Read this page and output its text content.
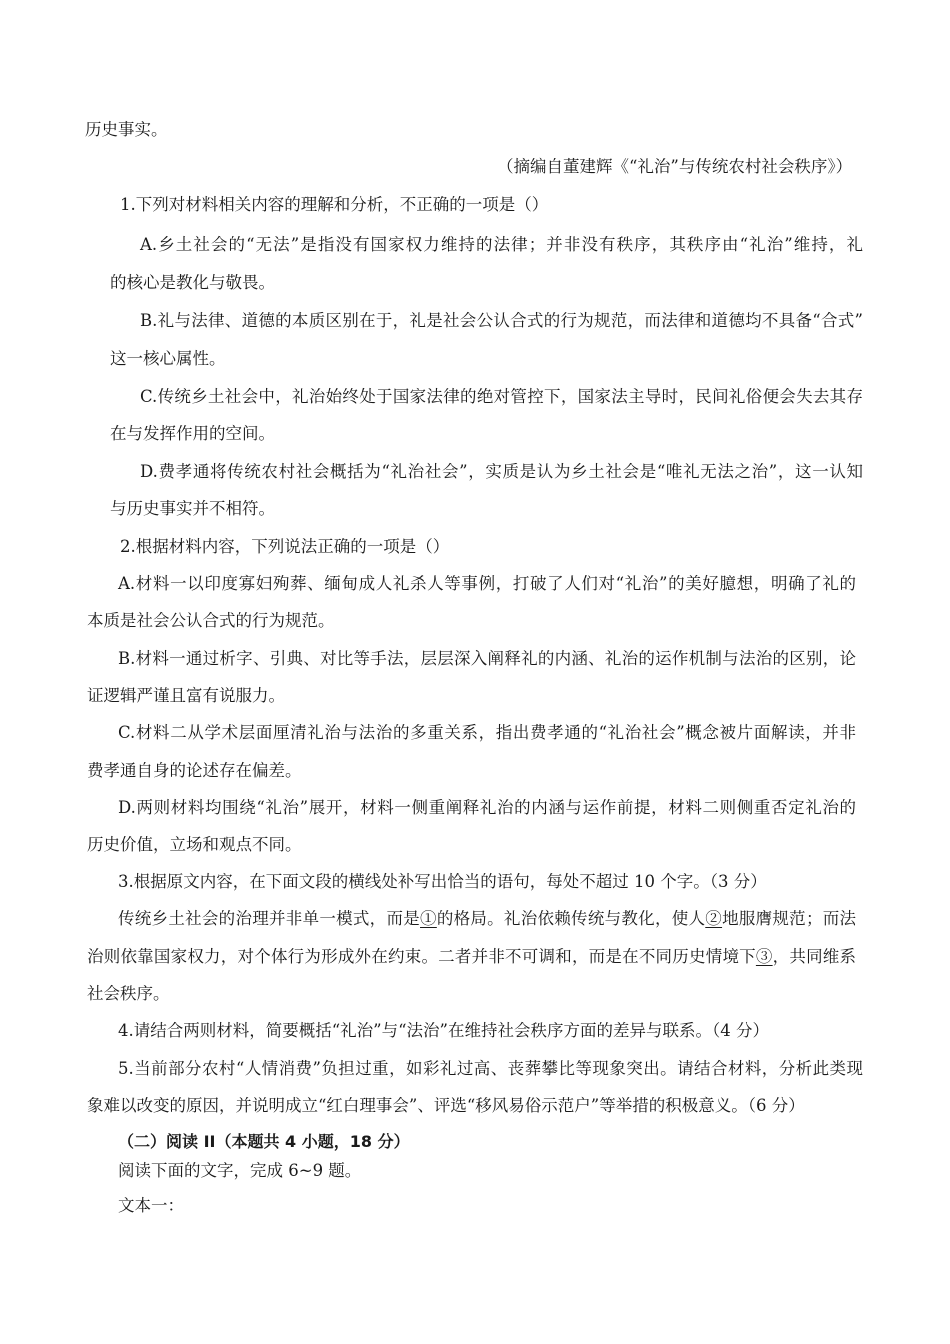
历史事实。
（摘编自董建辉《“礼治”与传统农村社会秩序》）
1.下列对材料相关内容的理解和分析，不正确的一项是（）
A.乡土社会的“无法”是指没有国家权力维持的法律；并非没有秩序，其秩序由“礼治”维持，礼
的核心是教化与敬畏。
B.礼与法律、道德的本质区别在于，礼是社会公认合式的行为规范，而法律和道德均不具备“合式”
这一核心属性。
C.传统乡土社会中，礼治始终处于国家法律的绝对管控下，国家法主导时，民间礼俗便会失去其存
在与发挥作用的空间。
D.费孝通将传统农村社会概括为“礼治社会”，实质是认为乡土社会是“唯礼无法之治”，这一认知
与历史事实并不相符。
2.根据材料内容，下列说法正确的一项是（）
A.材料一以印度寡妇殉葬、缅甸成人礼杀人等事例，打破了人们对“礼治”的美好臆想，明确了礼的
本质是社会公认合式的行为规范。
B.材料一通过析字、引典、对比等手法，层层深入阐释礼的内涵、礼治的运作机制与法治的区别，论
证逻辑严谨且富有说服力。
C.材料二从学术层面厘清礼治与法治的多重关系，指出费孝通的“礼治社会”概念被片面解读，并非
费孝通自身的论述存在偏差。
D.两则材料均围绕“礼治”展开，材料一侧重阐释礼治的内涵与运作前提，材料二则侧重否定礼治的
历史价值，立场和观点不同。
3.根据原文内容，在下面文段的横线处补写出恰当的语句，每处不超过 10 个字。（3 分）
传统乡土社会的治理并非单一模式，而是①的格局。礼治依赖传统与教化，使人②地服膺规范；而法
治则依靠国家权力，对个体行为形成外在约束。二者并非不可调和，而是在不同历史情境下③，共同维系
社会秩序。
4.请结合两则材料，简要概括“礼治”与“法治”在维持社会秩序方面的差异与联系。（4 分）
5.当前部分农村“人情消费”负担过重，如彩礼过高、丧葬攀比等现象突出。请结合材料，分析此类现
象难以改变的原因，并说明成立“红白理事会”、评选“移风易俗示范户”等举措的积极意义。（6 分）
（二）阅读 II（本题共 4 小题，18 分）
阅读下面的文字，完成 6~9 题。
文本一：
